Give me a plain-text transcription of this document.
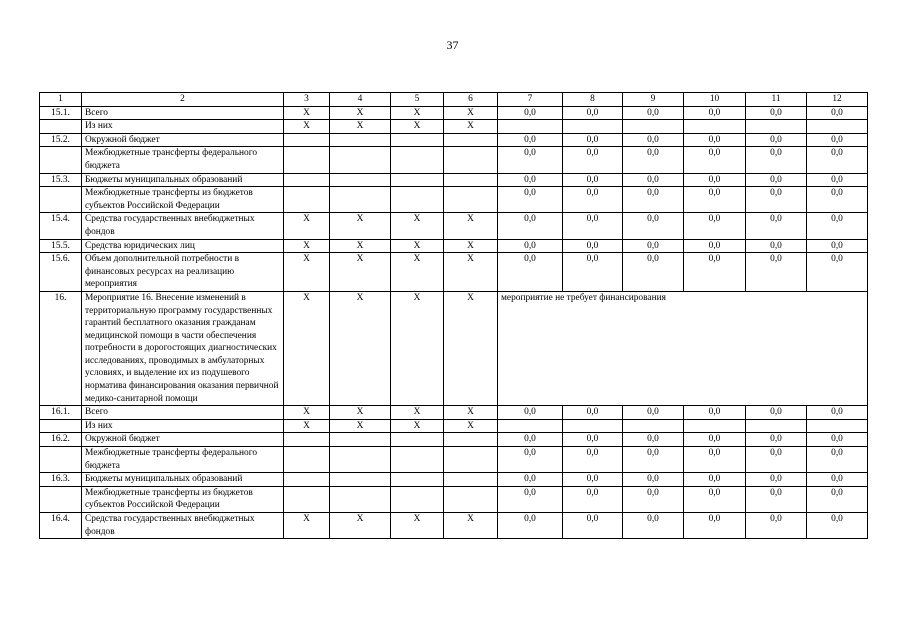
37
1	2	3	4	5	6	7	8	9	10	11	12
15.1.	Всего	X	X	X	X	0,0	0,0	0,0	0,0	0,0	0,0
	Из них	X	X	X	X						
15.2.	Окружной бюджет					0,0	0,0	0,0	0,0	0,0	0,0
	Межбюджетные трансферты федерального бюджета					0,0	0,0	0,0	0,0	0,0	0,0
15.3.	Бюджеты муниципальных образований					0,0	0,0	0,0	0,0	0,0	0,0
	Межбюджетные трансферты из бюджетов субъектов Российской Федерации					0,0	0,0	0,0	0,0	0,0	0,0
15.4.	Средства государственных внебюджетных фондов	X	X	X	X	0,0	0,0	0,0	0,0	0,0	0,0
15.5.	Средства юридических лиц	X	X	X	X	0,0	0,0	0,0	0,0	0,0	0,0
15.6.	Объем дополнительной потребности в финансовых ресурсах на реализацию мероприятия	X	X	X	X	0,0	0,0	0,0	0,0	0,0	0,0
16.	Мероприятие 16. Внесение изменений в территориальную программу государственных гарантий бесплатного оказания гражданам медицинской помощи в части обеспечения потребности в дорогостоящих диагностических исследованиях, проводимых в амбулаторных условиях, и выделение их из подушевого норматива финансирования оказания первичной медико-санитарной помощи	X	X	X	X	мероприятие не требует финансирования					
16.1.	Всего	X	X	X	X	0,0	0,0	0,0	0,0	0,0	0,0
	Из них	X	X	X	X						
16.2.	Окружной бюджет					0,0	0,0	0,0	0,0	0,0	0,0
	Межбюджетные трансферты федерального бюджета					0,0	0,0	0,0	0,0	0,0	0,0
16.3.	Бюджеты муниципальных образований					0,0	0,0	0,0	0,0	0,0	0,0
	Межбюджетные трансферты из бюджетов субъектов Российской Федерации					0,0	0,0	0,0	0,0	0,0	0,0
16.4.	Средства государственных внебюджетных фондов	X	X	X	X	0,0	0,0	0,0	0,0	0,0	0,0
